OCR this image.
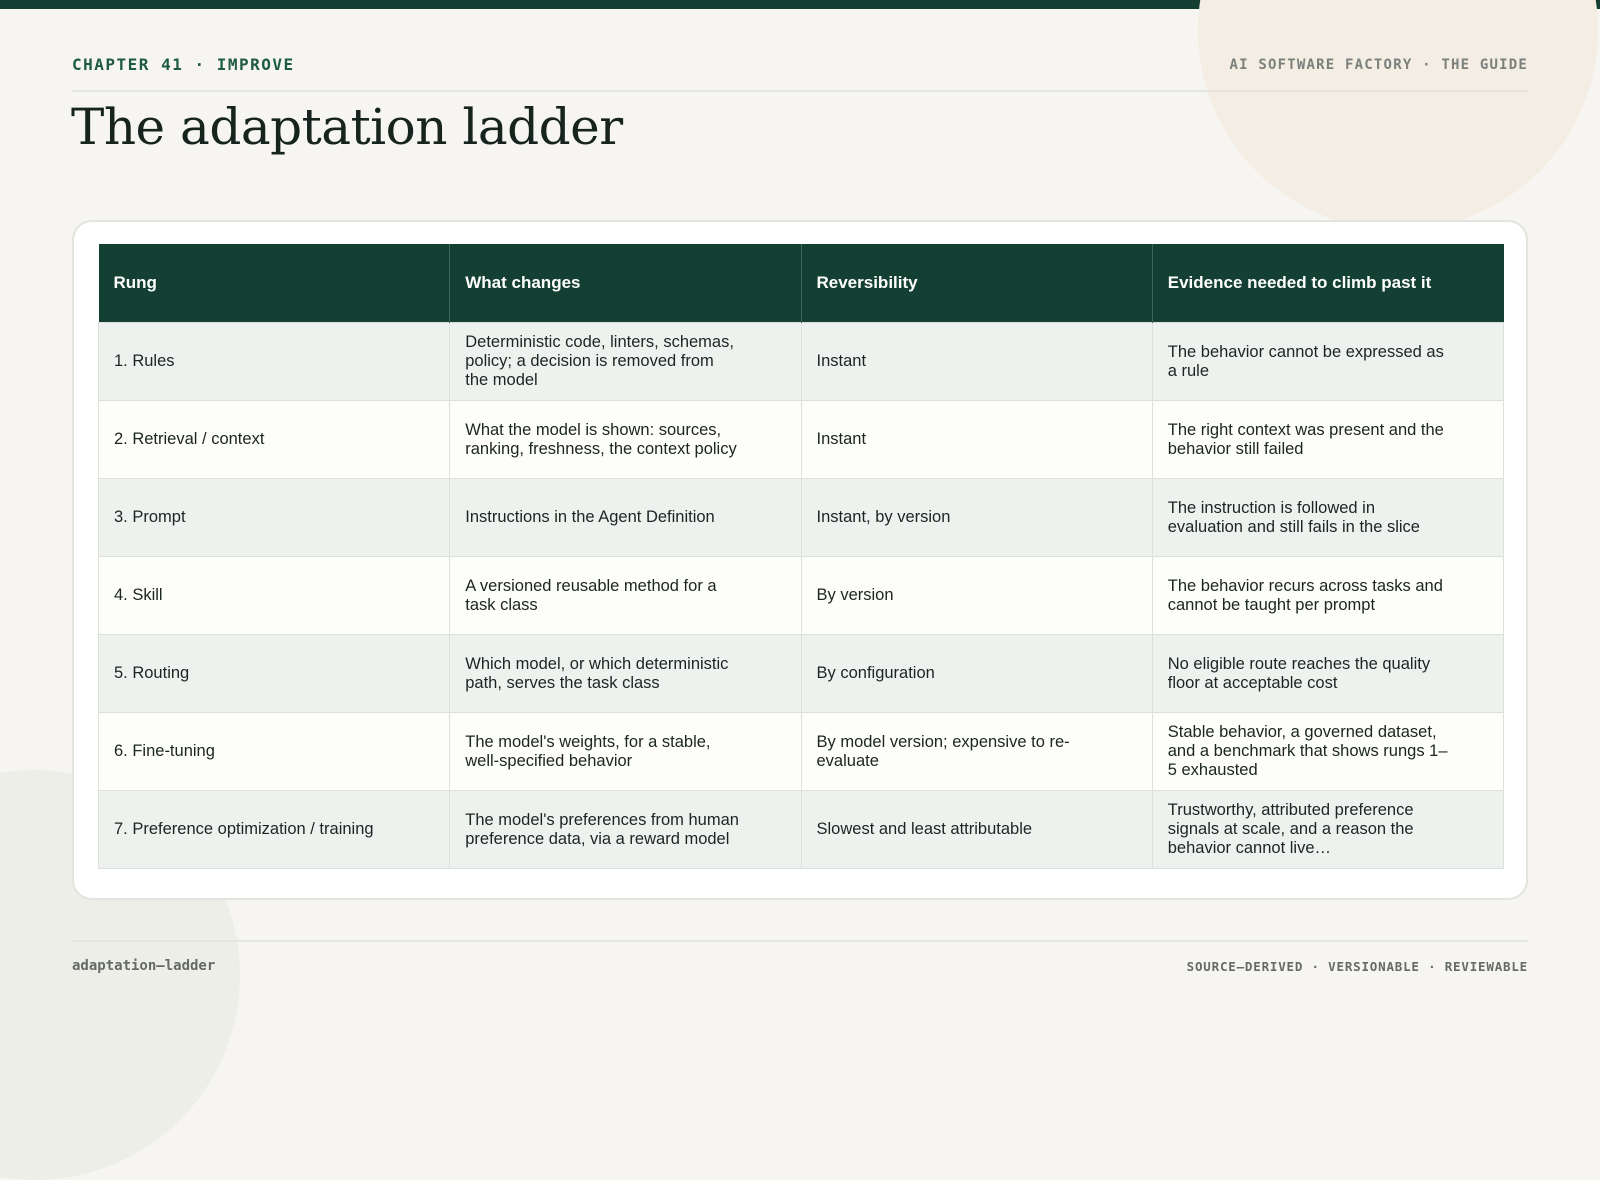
CHAPTER 41 · IMPROVE	AI SOFTWARE FACTORY · THE GUIDE
The adaptation ladder
Rung	What changes	Reversibility	Evidence needed to climb past it

1. Rules	Deterministic code, linters, schemas, policy; a decision is removed from the model	Instant	The behavior cannot be expressed as a rule

2. Retrieval / context	What the model is shown: sources, ranking, freshness, the context policy	Instant	The right context was present and the behavior still failed

3. Prompt	Instructions in the Agent Definition	Instant, by version	The instruction is followed in evaluation and still fails in the slice

4. Skill	A versioned reusable method for a task class	By version	The behavior recurs across tasks and cannot be taught per prompt

5. Routing	Which model, or which deterministic path, serves the task class	By configuration	No eligible route reaches the quality floor at acceptable cost

6. Fine-tuning	The model's weights, for a stable, well-specified behavior	By model version; expensive to re-evaluate	Stable behavior, a governed dataset, and a benchmark that shows rungs 1–5 exhausted

7. Preference optimization / training	The model's preferences from human preference data, via a reward model	Slowest and least attributable	Trustworthy, attributed preference signals at scale, and a reason the behavior cannot live…
adaptation–ladder	SOURCE–DERIVED · VERSIONABLE · REVIEWABLE
